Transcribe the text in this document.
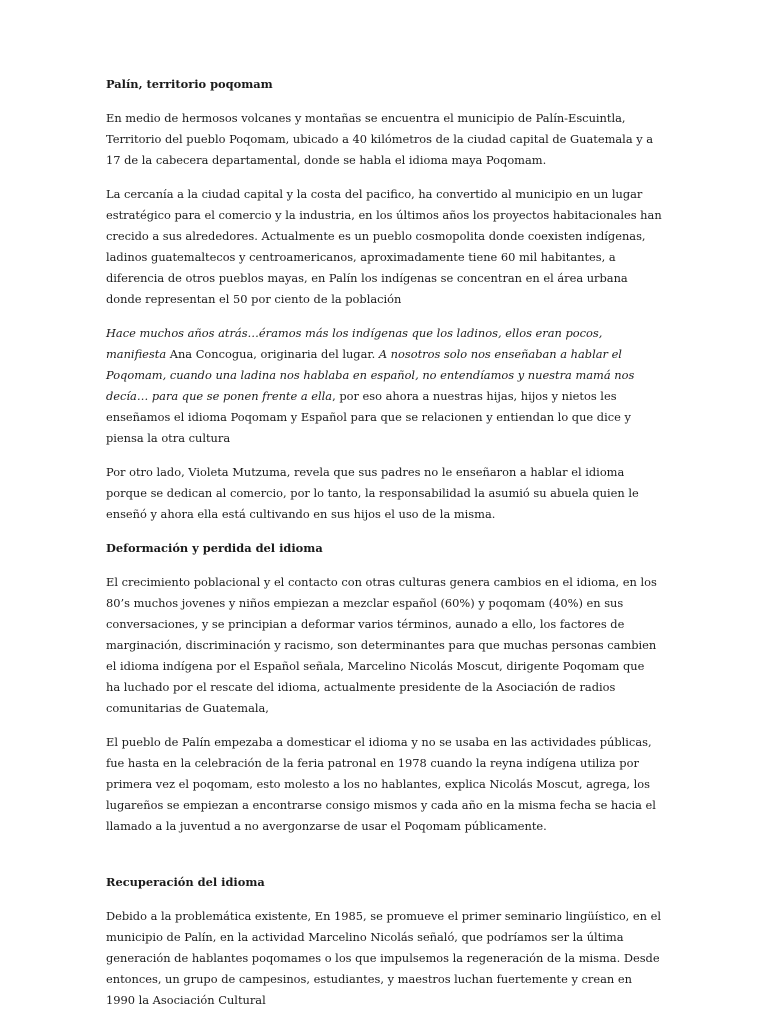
Palín, territorio poqomam

En medio de hermosos volcanes y montañas se encuentra el municipio de Palín-Escuintla, Territorio del pueblo Poqomam, ubicado a 40 kilómetros de la ciudad capital de Guatemala y a 17 de la cabecera departamental, donde se habla el idioma maya Poqomam.

La cercanía a la ciudad capital y la costa del pacifico, ha convertido al municipio en un lugar estratégico para el comercio y la industria, en los últimos años los proyectos habitacionales han crecido a sus alrededores. Actualmente es un pueblo cosmopolita donde coexisten indígenas, ladinos guatemaltecos y centroamericanos, aproximadamente tiene 60 mil habitantes, a diferencia de otros pueblos mayas, en Palín los indígenas se concentran en el área urbana donde representan el 50 por ciento de la población

Hace muchos años atrás…éramos más los indígenas que los ladinos, ellos eran pocos, manifiesta Ana Concogua, originaria del lugar. A nosotros solo nos enseñaban a hablar el Poqomam, cuando una ladina nos hablaba en español, no entendíamos y nuestra mamá nos decía… para que se ponen frente a ella, por eso ahora a nuestras hijas, hijos y nietos les enseñamos el idioma Poqomam y Español para que se relacionen y entiendan lo que dice y piensa la otra cultura

Por otro lado, Violeta Mutzuma, revela que sus padres no le enseñaron a hablar el idioma porque se dedican al comercio, por lo tanto, la responsabilidad la asumió su abuela quien le enseñó y ahora ella está cultivando en sus hijos el uso de la misma.

Deformación y perdida del idioma

El crecimiento poblacional y el contacto con otras culturas genera cambios en el idioma, en los 80’s muchos jovenes y niños empiezan a mezclar español (60%) y poqomam (40%) en sus conversaciones, y se principian a deformar varios términos, aunado a ello, los factores de marginación, discriminación y racismo, son determinantes para que muchas personas cambien el idioma indígena por el Español señala, Marcelino Nicolás Moscut, dirigente Poqomam que ha luchado por el rescate del idioma, actualmente presidente de la Asociación de radios comunitarias de Guatemala,

El pueblo de Palín empezaba a domesticar el idioma y no se usaba en las actividades públicas, fue hasta en la celebración de la feria patronal en 1978 cuando la reyna indígena utiliza por primera vez el poqomam, esto molesto a los no hablantes, explica Nicolás Moscut, agrega, los lugareños se empiezan a encontrarse consigo mismos y cada año en la misma fecha se hacia el llamado a la juventud a no avergonzarse de usar el Poqomam públicamente.

Recuperación del idioma

Debido a la problemática existente, En 1985, se promueve el primer seminario lingüístico, en el municipio de Palín, en la actividad Marcelino Nicolás señaló, que podríamos ser la última generación de hablantes poqomames o los que impulsemos la regeneración de la misma. Desde entonces, un grupo de campesinos, estudiantes, y maestros luchan fuertemente y crean en 1990 la Asociación Cultural
